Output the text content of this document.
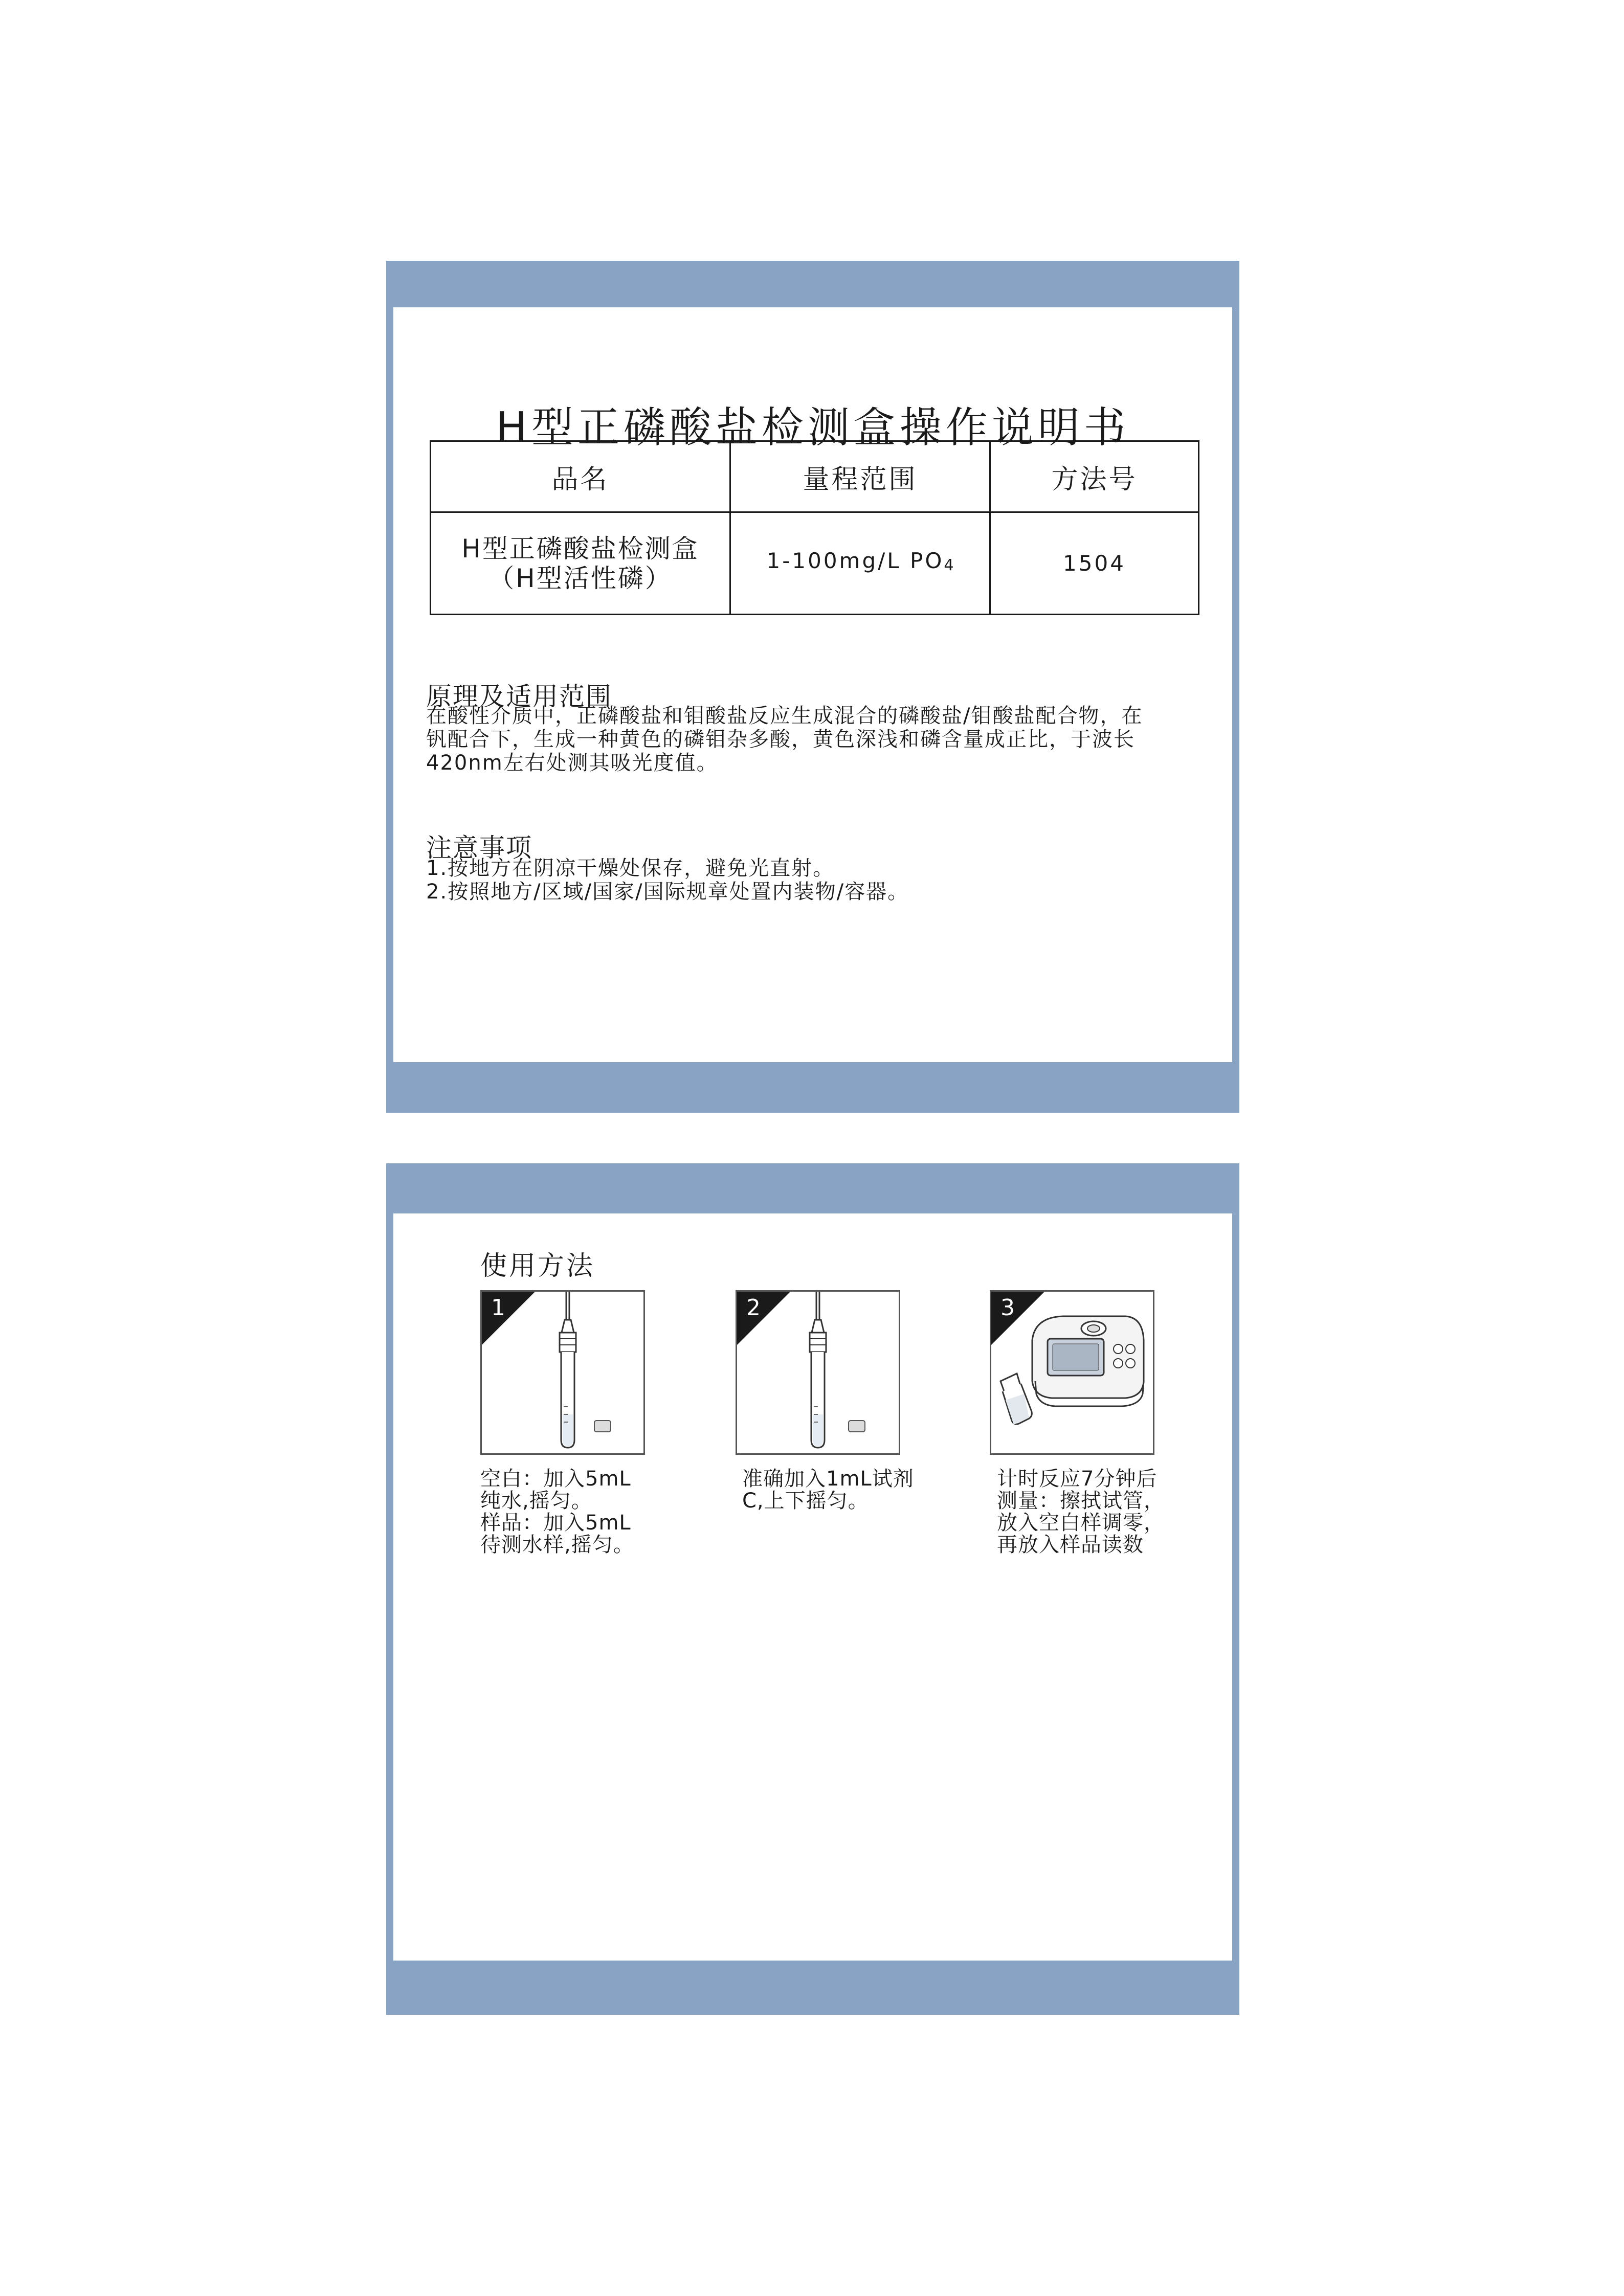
H型正磷酸盐检测盒操作说明书
品名	量程范围	方法号
H型正磷酸盐检测盒
（H型活性磷）	1-100mg/L PO4	1504
原理及适用范围

在酸性介质中，正磷酸盐和钼酸盐反应生成混合的磷酸盐/钼酸盐配合物，在
钒配合下，生成一种黄色的磷钼杂多酸，黄色深浅和磷含量成正比，于波长
420nm左右处测其吸光度值。

注意事项

1.按地方在阴凉干燥处保存，避免光直射。
2.按照地方/区域/国家/国际规章处置内装物/容器。

使用方法
1	2	3

空白：加入5mL
纯水,摇匀。
样品：加入5mL
待测水样,摇匀。

准确加入1mL试剂
C,上下摇匀。

计时反应7分钟后
测量：擦拭试管，
放入空白样调零，
再放入样品读数
